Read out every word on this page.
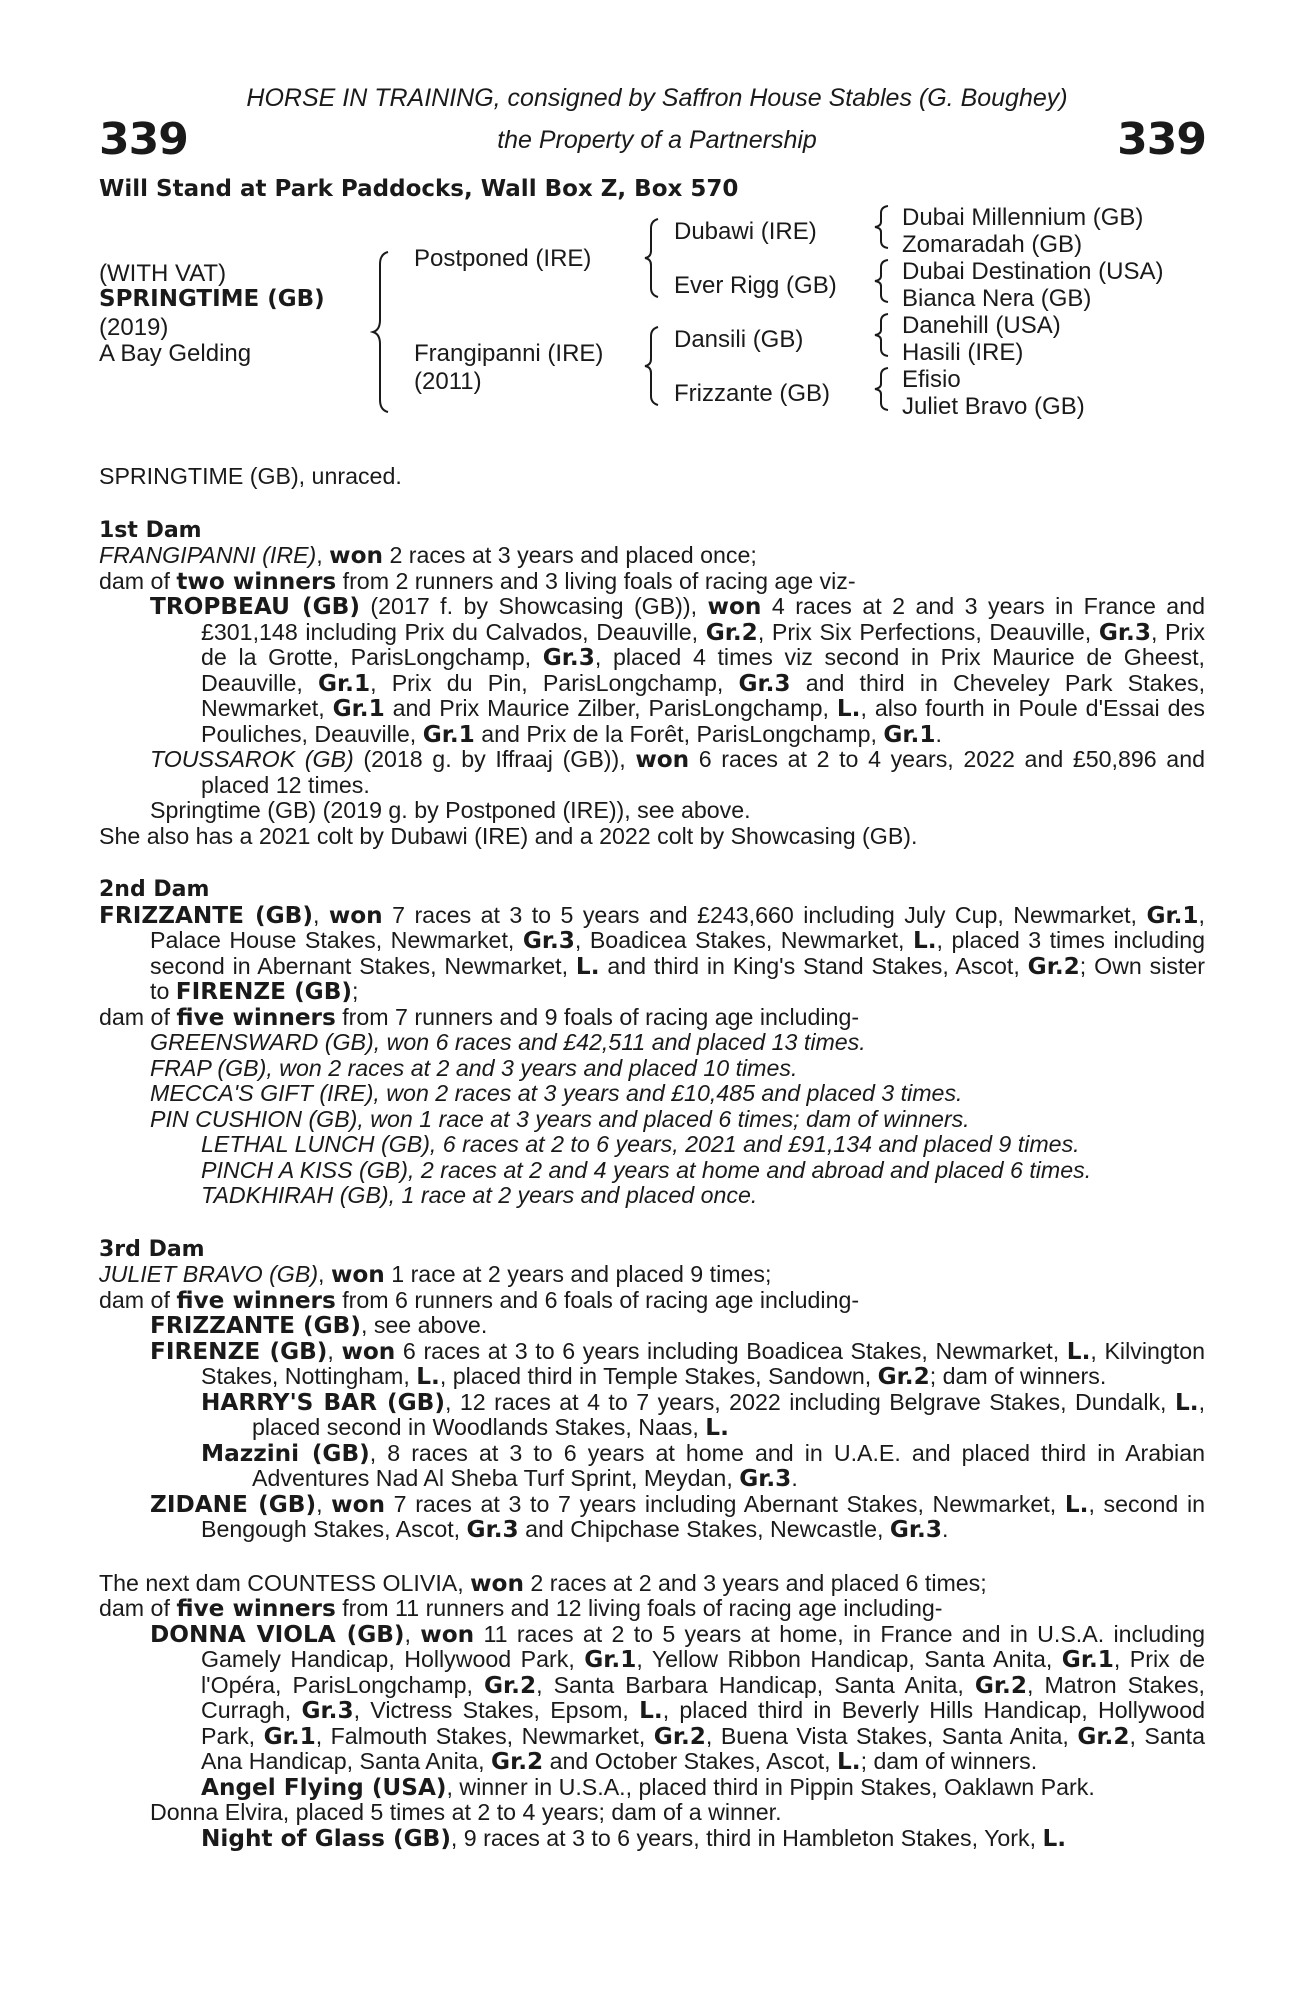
339	339
HORSE IN TRAINING, consigned by Saffron House Stables (G. Boughey)
the Property of a Partnership
Will Stand at Park Paddocks, Wall Box Z, Box 570
(WITH VAT)
SPRINGTIME (GB)
(2019)
A Bay Gelding
Postponed (IRE)
Frangipanni (IRE)
(2011)
Dubawi (IRE)
Ever Rigg (GB)
Dansili (GB)
Frizzante (GB)
Dubai Millennium (GB)
Zomaradah (GB)
Dubai Destination (USA)
Bianca Nera (GB)
Danehill (USA)
Hasili (IRE)
Efisio
Juliet Bravo (GB)

SPRINGTIME (GB), unraced.

1st Dam

FRANGIPANNI (IRE), won 2 races at 3 years and placed once;

dam of two winners from 2 runners and 3 living foals of racing age viz-

TROPBEAU (GB) (2017 f. by Showcasing (GB)), won 4 races at 2 and 3 years in France and £301,148 including Prix du Calvados, Deauville, Gr.2, Prix Six Perfections, Deauville, Gr.3, Prix de la Grotte, ParisLongchamp, Gr.3, placed 4 times viz second in Prix Maurice de Gheest, Deauville, Gr.1, Prix du Pin, ParisLongchamp, Gr.3 and third in Cheveley Park Stakes, Newmarket, Gr.1 and Prix Maurice Zilber, ParisLongchamp, L., also fourth in Poule d'Essai des Pouliches, Deauville, Gr.1 and Prix de la Forêt, ParisLongchamp, Gr.1.

TOUSSAROK (GB) (2018 g. by Iffraaj (GB)), won 6 races at 2 to 4 years, 2022 and £50,896 and placed 12 times.

Springtime (GB) (2019 g. by Postponed (IRE)), see above.

She also has a 2021 colt by Dubawi (IRE) and a 2022 colt by Showcasing (GB).

2nd Dam

FRIZZANTE (GB), won 7 races at 3 to 5 years and £243,660 including July Cup, Newmarket, Gr.1, Palace House Stakes, Newmarket, Gr.3, Boadicea Stakes, Newmarket, L., placed 3 times including second in Abernant Stakes, Newmarket, L. and third in King's Stand Stakes, Ascot, Gr.2; Own sister to FIRENZE (GB);

dam of five winners from 7 runners and 9 foals of racing age including-

GREENSWARD (GB), won 6 races and £42,511 and placed 13 times.

FRAP (GB), won 2 races at 2 and 3 years and placed 10 times.

MECCA'S GIFT (IRE), won 2 races at 3 years and £10,485 and placed 3 times.

PIN CUSHION (GB), won 1 race at 3 years and placed 6 times; dam of winners.

LETHAL LUNCH (GB), 6 races at 2 to 6 years, 2021 and £91,134 and placed 9 times.

PINCH A KISS (GB), 2 races at 2 and 4 years at home and abroad and placed 6 times.

TADKHIRAH (GB), 1 race at 2 years and placed once.

3rd Dam

JULIET BRAVO (GB), won 1 race at 2 years and placed 9 times;

dam of five winners from 6 runners and 6 foals of racing age including-

FRIZZANTE (GB), see above.

FIRENZE (GB), won 6 races at 3 to 6 years including Boadicea Stakes, Newmarket, L., Kilvington Stakes, Nottingham, L., placed third in Temple Stakes, Sandown, Gr.2; dam of winners.

HARRY'S BAR (GB), 12 races at 4 to 7 years, 2022 including Belgrave Stakes, Dundalk, L., placed second in Woodlands Stakes, Naas, L.

Mazzini (GB), 8 races at 3 to 6 years at home and in U.A.E. and placed third in Arabian Adventures Nad Al Sheba Turf Sprint, Meydan, Gr.3.

ZIDANE (GB), won 7 races at 3 to 7 years including Abernant Stakes, Newmarket, L., second in Bengough Stakes, Ascot, Gr.3 and Chipchase Stakes, Newcastle, Gr.3.

The next dam COUNTESS OLIVIA, won 2 races at 2 and 3 years and placed 6 times;

dam of five winners from 11 runners and 12 living foals of racing age including-

DONNA VIOLA (GB), won 11 races at 2 to 5 years at home, in France and in U.S.A. including Gamely Handicap, Hollywood Park, Gr.1, Yellow Ribbon Handicap, Santa Anita, Gr.1, Prix de l'Opéra, ParisLongchamp, Gr.2, Santa Barbara Handicap, Santa Anita, Gr.2, Matron Stakes, Curragh, Gr.3, Victress Stakes, Epsom, L., placed third in Beverly Hills Handicap, Hollywood Park, Gr.1, Falmouth Stakes, Newmarket, Gr.2, Buena Vista Stakes, Santa Anita, Gr.2, Santa Ana Handicap, Santa Anita, Gr.2 and October Stakes, Ascot, L.; dam of winners.

Angel Flying (USA), winner in U.S.A., placed third in Pippin Stakes, Oaklawn Park.

Donna Elvira, placed 5 times at 2 to 4 years; dam of a winner.

Night of Glass (GB), 9 races at 3 to 6 years, third in Hambleton Stakes, York, L.
